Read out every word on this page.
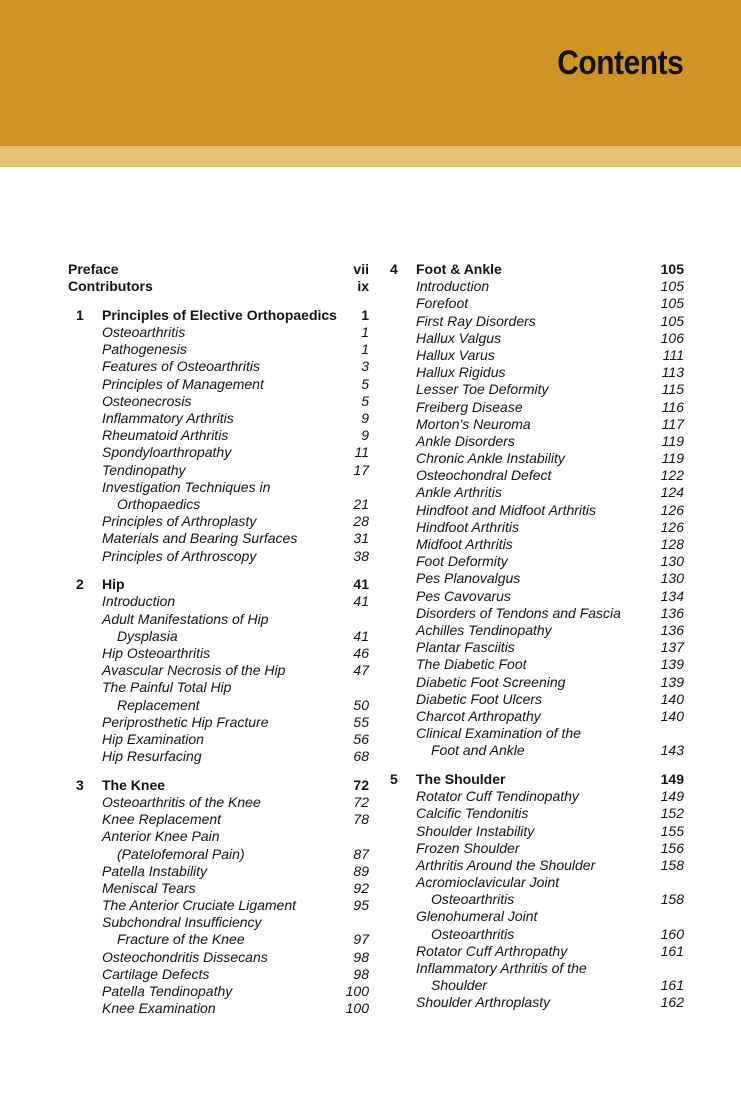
Contents
Preface	vii
Contributors	ix
1	Principles of Elective Orthopaedics	1
Osteoarthritis	1
Pathogenesis	1
Features of Osteoarthritis	3
Principles of Management	5
Osteonecrosis	5
Inflammatory Arthritis	9
Rheumatoid Arthritis	9
Spondyloarthropathy	11
Tendinopathy	17
Investigation Techniques in
Orthopaedics	21
Principles of Arthroplasty	28
Materials and Bearing Surfaces	31
Principles of Arthroscopy	38
2	Hip	41
Introduction	41
Adult Manifestations of Hip
Dysplasia	41
Hip Osteoarthritis	46
Avascular Necrosis of the Hip	47
The Painful Total Hip
Replacement	50
Periprosthetic Hip Fracture	55
Hip Examination	56
Hip Resurfacing	68
3	The Knee	72
Osteoarthritis of the Knee	72
Knee Replacement	78
Anterior Knee Pain
(Patelofemoral Pain)	87
Patella Instability	89
Meniscal Tears	92
The Anterior Cruciate Ligament	95
Subchondral Insufficiency
Fracture of the Knee	97
Osteochondritis Dissecans	98
Cartilage Defects	98
Patella Tendinopathy	100
Knee Examination	100
4	Foot & Ankle	105
Introduction	105
Forefoot	105
First Ray Disorders	105
Hallux Valgus	106
Hallux Varus	111
Hallux Rigidus	113
Lesser Toe Deformity	115
Freiberg Disease	116
Morton's Neuroma	117
Ankle Disorders	119
Chronic Ankle Instability	119
Osteochondral Defect	122
Ankle Arthritis	124
Hindfoot and Midfoot Arthritis	126
Hindfoot Arthritis	126
Midfoot Arthritis	128
Foot Deformity	130
Pes Planovalgus	130
Pes Cavovarus	134
Disorders of Tendons and Fascia	136
Achilles Tendinopathy	136
Plantar Fasciitis	137
The Diabetic Foot	139
Diabetic Foot Screening	139
Diabetic Foot Ulcers	140
Charcot Arthropathy	140
Clinical Examination of the
Foot and Ankle	143
5	The Shoulder	149
Rotator Cuff Tendinopathy	149
Calcific Tendonitis	152
Shoulder Instability	155
Frozen Shoulder	156
Arthritis Around the Shoulder	158
Acromioclavicular Joint
Osteoarthritis	158
Glenohumeral Joint
Osteoarthritis	160
Rotator Cuff Arthropathy	161
Inflammatory Arthritis of the
Shoulder	161
Shoulder Arthroplasty	162
